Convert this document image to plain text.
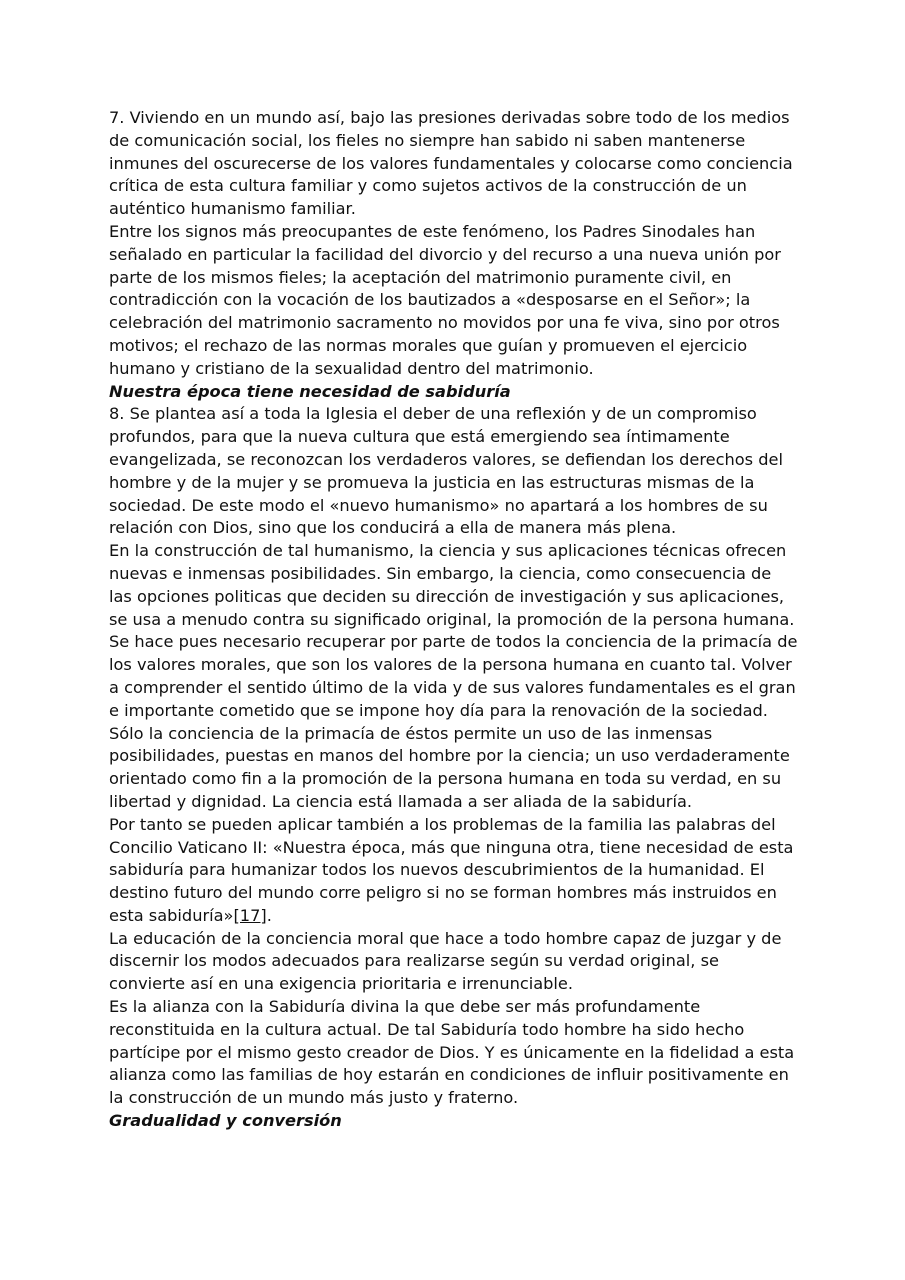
7. Viviendo en un mundo así, bajo las presiones derivadas sobre todo de los medios de comunicación social, los fieles no siempre han sabido ni saben mantenerse inmunes del oscurecerse de los valores fundamentales y colocarse como conciencia crítica de esta cultura familiar y como sujetos activos de la construcción de un auténtico humanismo familiar.

Entre los signos más preocupantes de este fenómeno, los Padres Sinodales han señalado en particular la facilidad del divorcio y del recurso a una nueva unión por parte de los mismos fieles; la aceptación del matrimonio puramente civil, en contradicción con la vocación de los bautizados a «desposarse en el Señor»; la celebración del matrimonio sacramento no movidos por una fe viva, sino por otros motivos; el rechazo de las normas morales que guían y promueven el ejercicio humano y cristiano de la sexualidad dentro del matrimonio.

Nuestra época tiene necesidad de sabiduría

8. Se plantea así a toda la Iglesia el deber de una reflexión y de un compromiso profundos, para que la nueva cultura que está emergiendo sea íntimamente evangelizada, se reconozcan los verdaderos valores, se defiendan los derechos del hombre y de la mujer y se promueva la justicia en las estructuras mismas de la sociedad. De este modo el «nuevo humanismo» no apartará a los hombres de su relación con Dios, sino que los conducirá a ella de manera más plena.

En la construcción de tal humanismo, la ciencia y sus aplicaciones técnicas ofrecen nuevas e inmensas posibilidades. Sin embargo, la ciencia, como consecuencia de las opciones politicas que deciden su dirección de investigación y sus aplicaciones, se usa a menudo contra su significado original, la promoción de la persona humana. Se hace pues necesario recuperar por parte de todos la conciencia de la primacía de los valores morales, que son los valores de la persona humana en cuanto tal. Volver a comprender el sentido último de la vida y de sus valores fundamentales es el gran e importante cometido que se impone hoy día para la renovación de la sociedad. Sólo la conciencia de la primacía de éstos permite un uso de las inmensas posibilidades, puestas en manos del hombre por la ciencia; un uso verdaderamente orientado como fin a la promoción de la persona humana en toda su verdad, en su libertad y dignidad. La ciencia está llamada a ser aliada de la sabiduría.

Por tanto se pueden aplicar también a los problemas de la familia las palabras del Concilio Vaticano II: «Nuestra época, más que ninguna otra, tiene necesidad de esta sabiduría para humanizar todos los nuevos descubrimientos de la humanidad. El destino futuro del mundo corre peligro si no se forman hombres más instruidos en esta sabiduría»[17].

La educación de la conciencia moral que hace a todo hombre capaz de juzgar y de discernir los modos adecuados para realizarse según su verdad original, se convierte así en una exigencia prioritaria e irrenunciable.

Es la alianza con la Sabiduría divina la que debe ser más profundamente reconstituida en la cultura actual. De tal Sabiduría todo hombre ha sido hecho partícipe por el mismo gesto creador de Dios. Y es únicamente en la fidelidad a esta alianza como las familias de hoy estarán en condiciones de influir positivamente en la construcción de un mundo más justo y fraterno.

Gradualidad y conversión
